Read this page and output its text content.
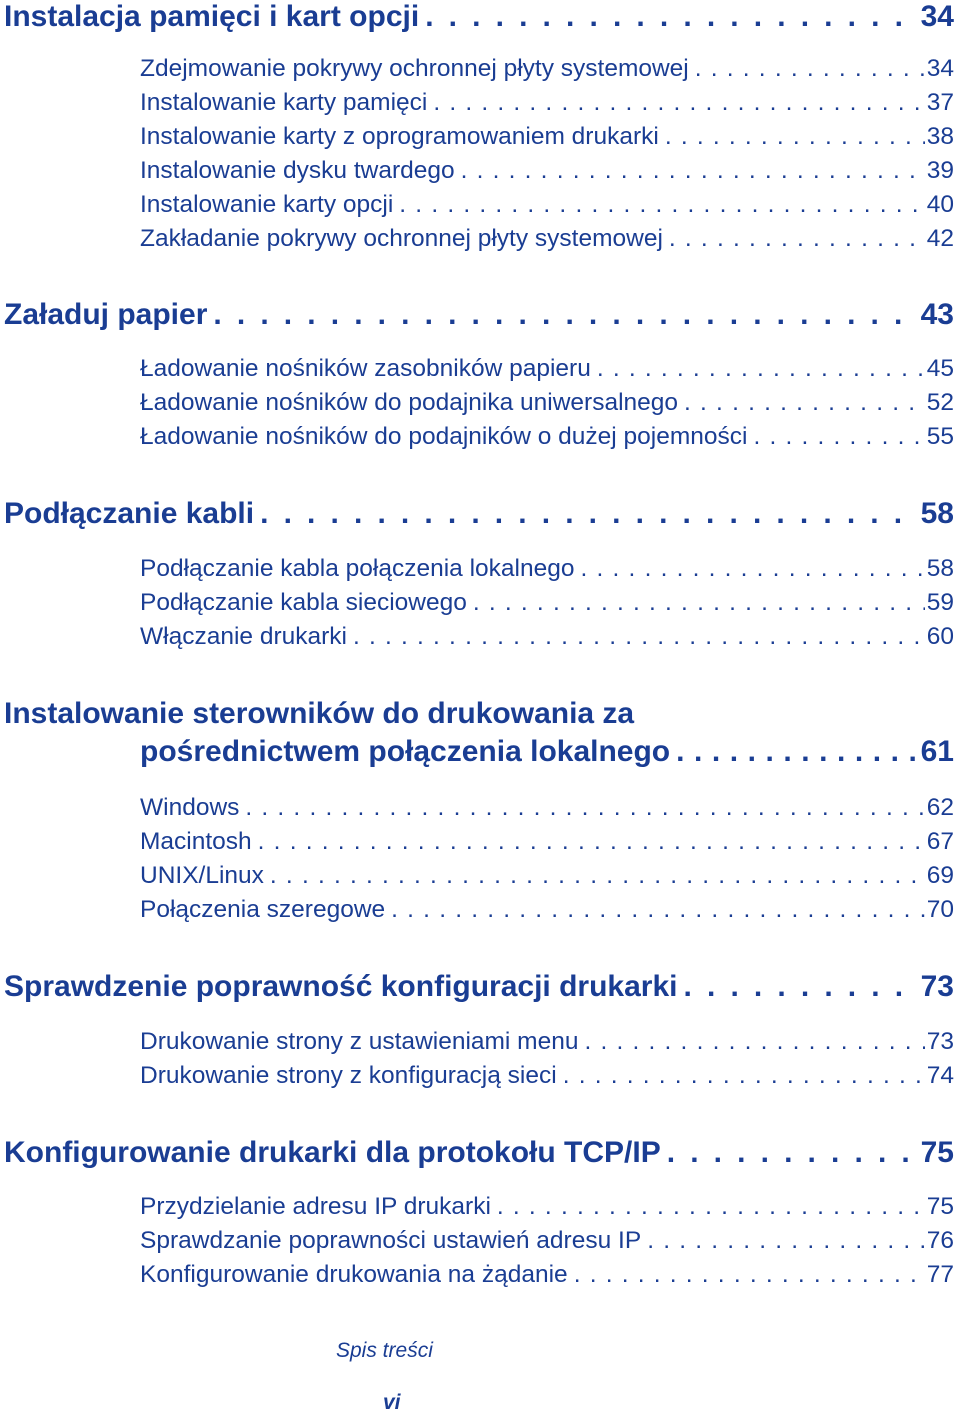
Instalacja pamięci i kart opcji . . .	34
Zdejmowanie pokrywy ochronnej płyty systemowej . . .	34
Instalowanie karty pamięci . . .	37
Instalowanie karty z oprogramowaniem drukarki . . .	38
Instalowanie dysku twardego . . .	39
Instalowanie karty opcji . . .	40
Zakładanie pokrywy ochronnej płyty systemowej . . .	42
Załaduj papier . . .	43
Ładowanie nośników zasobników papieru . . .	45
Ładowanie nośników do podajnika uniwersalnego . . .	52
Ładowanie nośników do podajników o dużej pojemności . . .	55
Podłączanie kabli . . .	58
Podłączanie kabla połączenia lokalnego . . .	58
Podłączanie kabla sieciowego . . .	59
Włączanie drukarki . . .	60
Instalowanie sterowników do drukowania za
pośrednictwem połączenia lokalnego . . .	61
Windows . . .	62
Macintosh . . .	67
UNIX/Linux . . .	69
Połączenia szeregowe . . .	70
Sprawdzenie poprawność konfiguracji drukarki . . .	73
Drukowanie strony z ustawieniami menu . . .	73
Drukowanie strony z konfiguracją sieci . . .	74
Konfigurowanie drukarki dla protokołu TCP/IP . . .	75
Przydzielanie adresu IP drukarki . . .	75
Sprawdzanie poprawności ustawień adresu IP . . .	76
Konfigurowanie drukowania na żądanie . . .	77
Spis treści
vi
